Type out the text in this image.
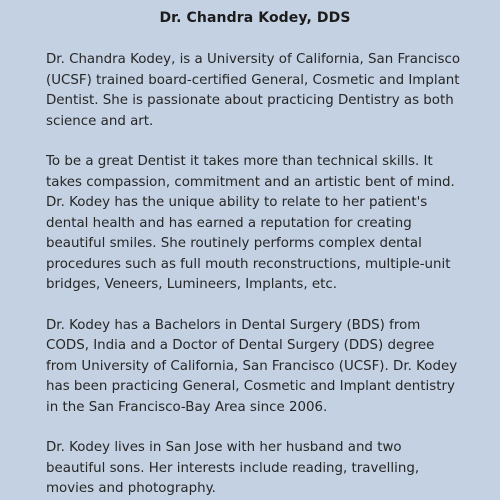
Dr. Chandra Kodey, DDS

Dr. Chandra Kodey, is a University of California, San Francisco (UCSF) trained board-certified General, Cosmetic and Implant Dentist. She is passionate about practicing Dentistry as both science and art.

To be a great Dentist it takes more than technical skills. It takes compassion, commitment and an artistic bent of mind. Dr. Kodey has the unique ability to relate to her patient's dental health and has earned a reputation for creating beautiful smiles. She routinely performs complex dental procedures such as full mouth reconstructions, multiple-unit bridges, Veneers, Lumineers, Implants, etc.

Dr. Kodey has a Bachelors in Dental Surgery (BDS) from CODS, India and a Doctor of Dental Surgery (DDS) degree from University of California, San Francisco (UCSF). Dr. Kodey has been practicing General, Cosmetic and Implant dentistry in the San Francisco-Bay Area since 2006.

Dr. Kodey lives in San Jose with her husband and two beautiful sons. Her interests include reading, travelling, movies and photography.
